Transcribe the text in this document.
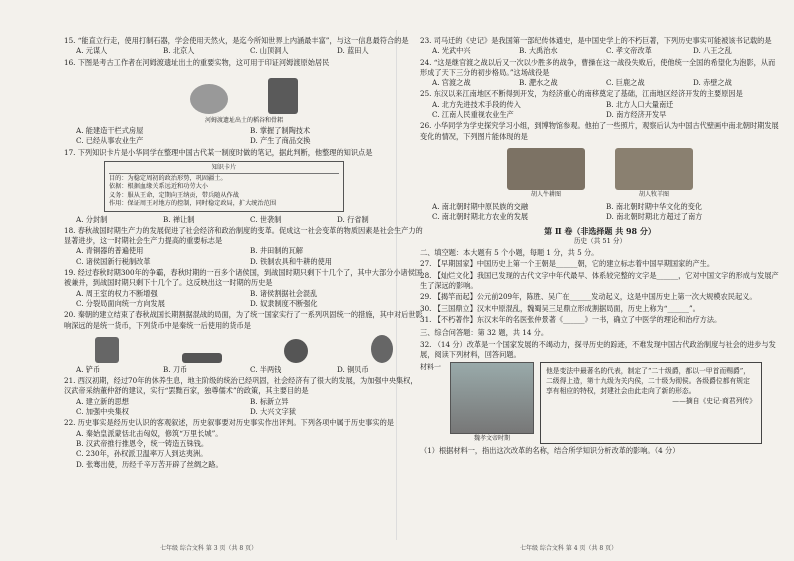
15. “能直立行走，使用打制石器，学会使用天然火，是迄今所知世界上内涵最丰富”，与这一信息最符合的是
A. 元谋人	B. 北京人	C. 山顶洞人	D. 蓝田人
16. 下图是考古工作者在河姆渡遗址出土的重要实物，这可用于印证河姆渡原始居民
河姆渡遗址出土的稻谷和骨耜
A. 能建造干栏式房屋	B. 掌握了制陶技术
C. 已经从事农业生产	D. 产生了商品交换
17. 下列知识卡片是小华同学在整理中国古代某一制度时做的笔记，据此判断，他整理的知识点是
知识卡片
目的：为稳定周初的政治形势，巩固疆土。
依据：根据血缘关系远近和功劳大小
义务：服从王命，定期向王纳贡，带兵随从作战
作用：保证周王对地方的控制，同时稳定政局，扩大统治范围
A. 分封制	B. 禅让制	C. 世袭制	D. 行省制
18. 春秋战国时期生产力的发展促进了社会经济和政治制度的变革。促成这一社会变革的物质因素是社会生产力的显著进步，这一时期社会生产力提高的重要标志是
A. 青铜器的普遍使用	B. 井田制的瓦解
C. 诸侯国新行税制改革	D. 铁制农具和牛耕的使用
19. 经过春秋时期300年的争霸，春秋时期的一百多个诸侯国，到战国时期只剩下十几个了，其中大部分小诸侯国被兼并，到战国时期只剩下十几个了。这反映出这一时期的历史是
A. 周王室的权力不断增强	B. 诸侯割据社会混乱
C. 分裂局面向统一方向发展	D. 奴隶制度不断强化
20. 秦朝的建立结束了春秋战国长期割据混战的局面，为了统一国家实行了一系列巩固统一的措施，其中对后世影响深远的是统一货币，下列货币中是秦统一后使用的货币是
A. 铲币	B. 刀币	C. 半两钱	D. 铜贝币
21. 西汉初期，经过70年的休养生息，地主阶级的统治已经巩固，社会经济有了很大的发展，为加强中央集权，汉武帝采纳董仲舒的建议，实行“罢黜百家，独尊儒术”的政策，其主要目的是
A. 建立新的思想	B. 标新立异
C. 加强中央集权	D. 大兴文字狱
22. 历史事实是经历史认识的客观叙述，历史叙事要对历史事实作出评判。下列各项中属于历史事实的是
A. 秦始皇派蒙恬北击匈奴，修筑“万里长城”。
B. 汉武帝推行推恩令，统一铸造五铢钱。
C. 230年，孙权派卫温率万人到达夷洲。
D. 张骞出使，历经千辛万苦开辟了丝绸之路。
七年级 综合文科 第 3 页（共 8 页）
23. 司马迁的《史记》是我国第一部纪传体通史，是中国史学上的不朽巨著，下列历史事实可能被该书记载的是
A. 光武中兴	B. 大禹治水	C. 孝文帝改革	D. 八王之乱
24. “这是继官渡之战以后又一次以少胜多的战争，曹操在这一战役失败后，使他统一全国的希望化为泡影，从而形成了天下三分的初步格局。”这场战役是
A. 官渡之战	B. 淝水之战	C. 巨鹿之战	D. 赤壁之战
25. 东汉以来江南地区不断得到开发，为经济重心的南移奠定了基础，江南地区经济开发的主要原因是
A. 北方先进技术手段的传入	B. 北方人口大量南迁
C. 江南人民重视农业生产	D. 南方经济开发早
26. 小华同学为学史探究学习小组，到博物馆参观。他拍了一些照片，观察后认为中国古代壁画中南北朝时期发展变化的情况，下列图片能体现的是
胡人牛耕图	胡人牧羊图
A. 南北朝时期中原民族的交融	B. 南北朝时期中华文化的变化
C. 南北朝时期北方农业的发展	D. 南北朝时期北方超过了南方
第 Ⅱ 卷（非选择题 共 98 分）
历史（共 51 分）
二、填空题：本大题有 5 个小题，每题 1 分，共 5 分。
27. 【早期国家】中国历史上第一个王朝是______朝，它的建立标志着中国早期国家的产生。
28. 【灿烂文化】我国已发现的古代文字中年代最早、体系较完整的文字是______，它对中国文字的形成与发展产生了深远的影响。
29. 【揭竿而起】公元前209年，陈胜、吴广在______发动起义，这是中国历史上第一次大规模农民起义。
30. 【三国鼎立】汉末中原混乱，魏蜀吴三足鼎立形成割据局面，历史上称为“______”。
31. 【不朽著作】东汉末年的名医张仲景著《______》一书，确立了中医学的理论和治疗方法。
三、综合问答题：第 32 题，共 14 分。
32. （14 分）改革是一个国家发展的不竭动力，探寻历史的踪迹，不难发现中国古代政治制度与社会的进步与发展，阅读下列材料，回答问题。
材料一
魏孝文帝时期
他是变法中最著名的代表，制定了“二十级爵，都以一甲首而赐爵”，二级得上造，第十九级为关内侯，二十级为彻侯。各级爵位都有规定享有相应的特权，封建社会由此走向了新的形态。
——摘自《史记·商君列传》
（1）根据材料一，指出这次改革的名称，结合所学知识分析改革的影响。（4 分）
七年级 综合文科 第 4 页（共 8 页）
